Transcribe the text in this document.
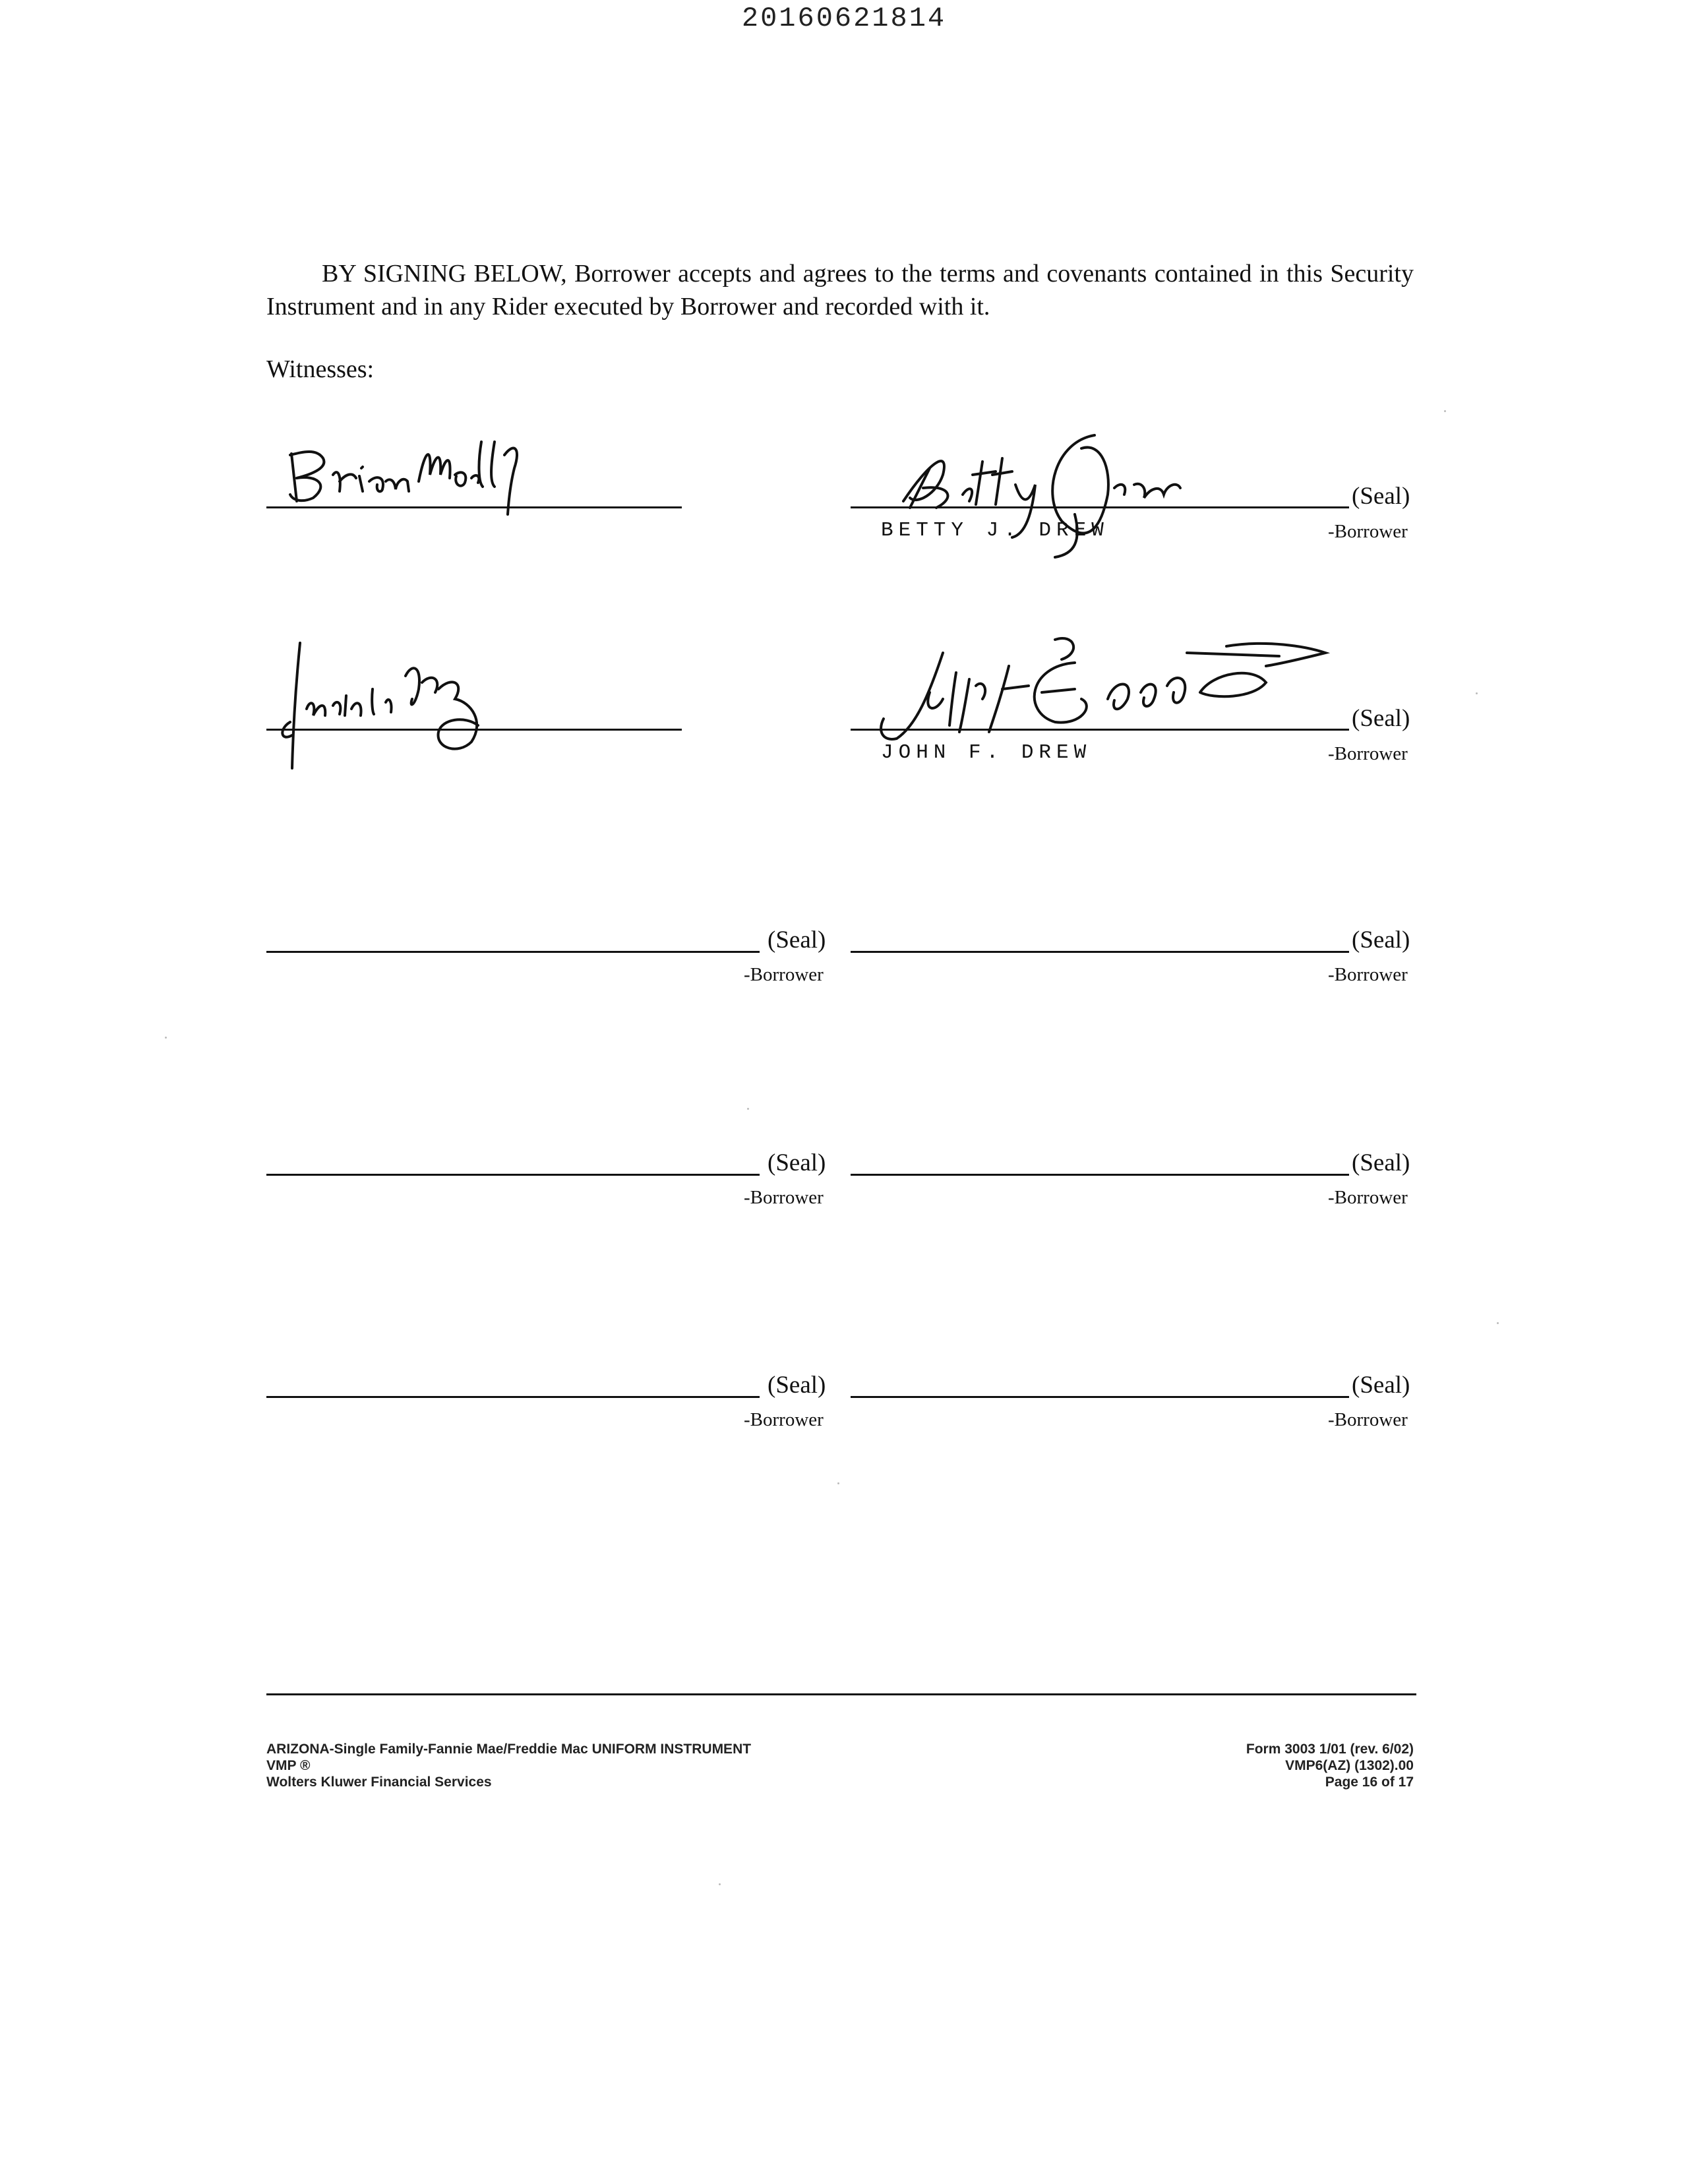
20160621814

BY SIGNING BELOW, Borrower accepts and agrees to the terms and covenants contained in this Security Instrument and in any Rider executed by Borrower and recorded with it.

Witnesses:
(Seal)
BETTY J. DREW	-Borrower
(Seal)
JOHN F. DREW	-Borrower
(Seal)
-Borrower
(Seal)
-Borrower
(Seal)
-Borrower
(Seal)
-Borrower
(Seal)
-Borrower
(Seal)
-Borrower
ARIZONA-Single Family-Fannie Mae/Freddie Mac UNIFORM INSTRUMENT
VMP ®
Wolters Kluwer Financial Services
Form 3003 1/01 (rev. 6/02)
VMP6(AZ) (1302).00
Page 16 of 17
